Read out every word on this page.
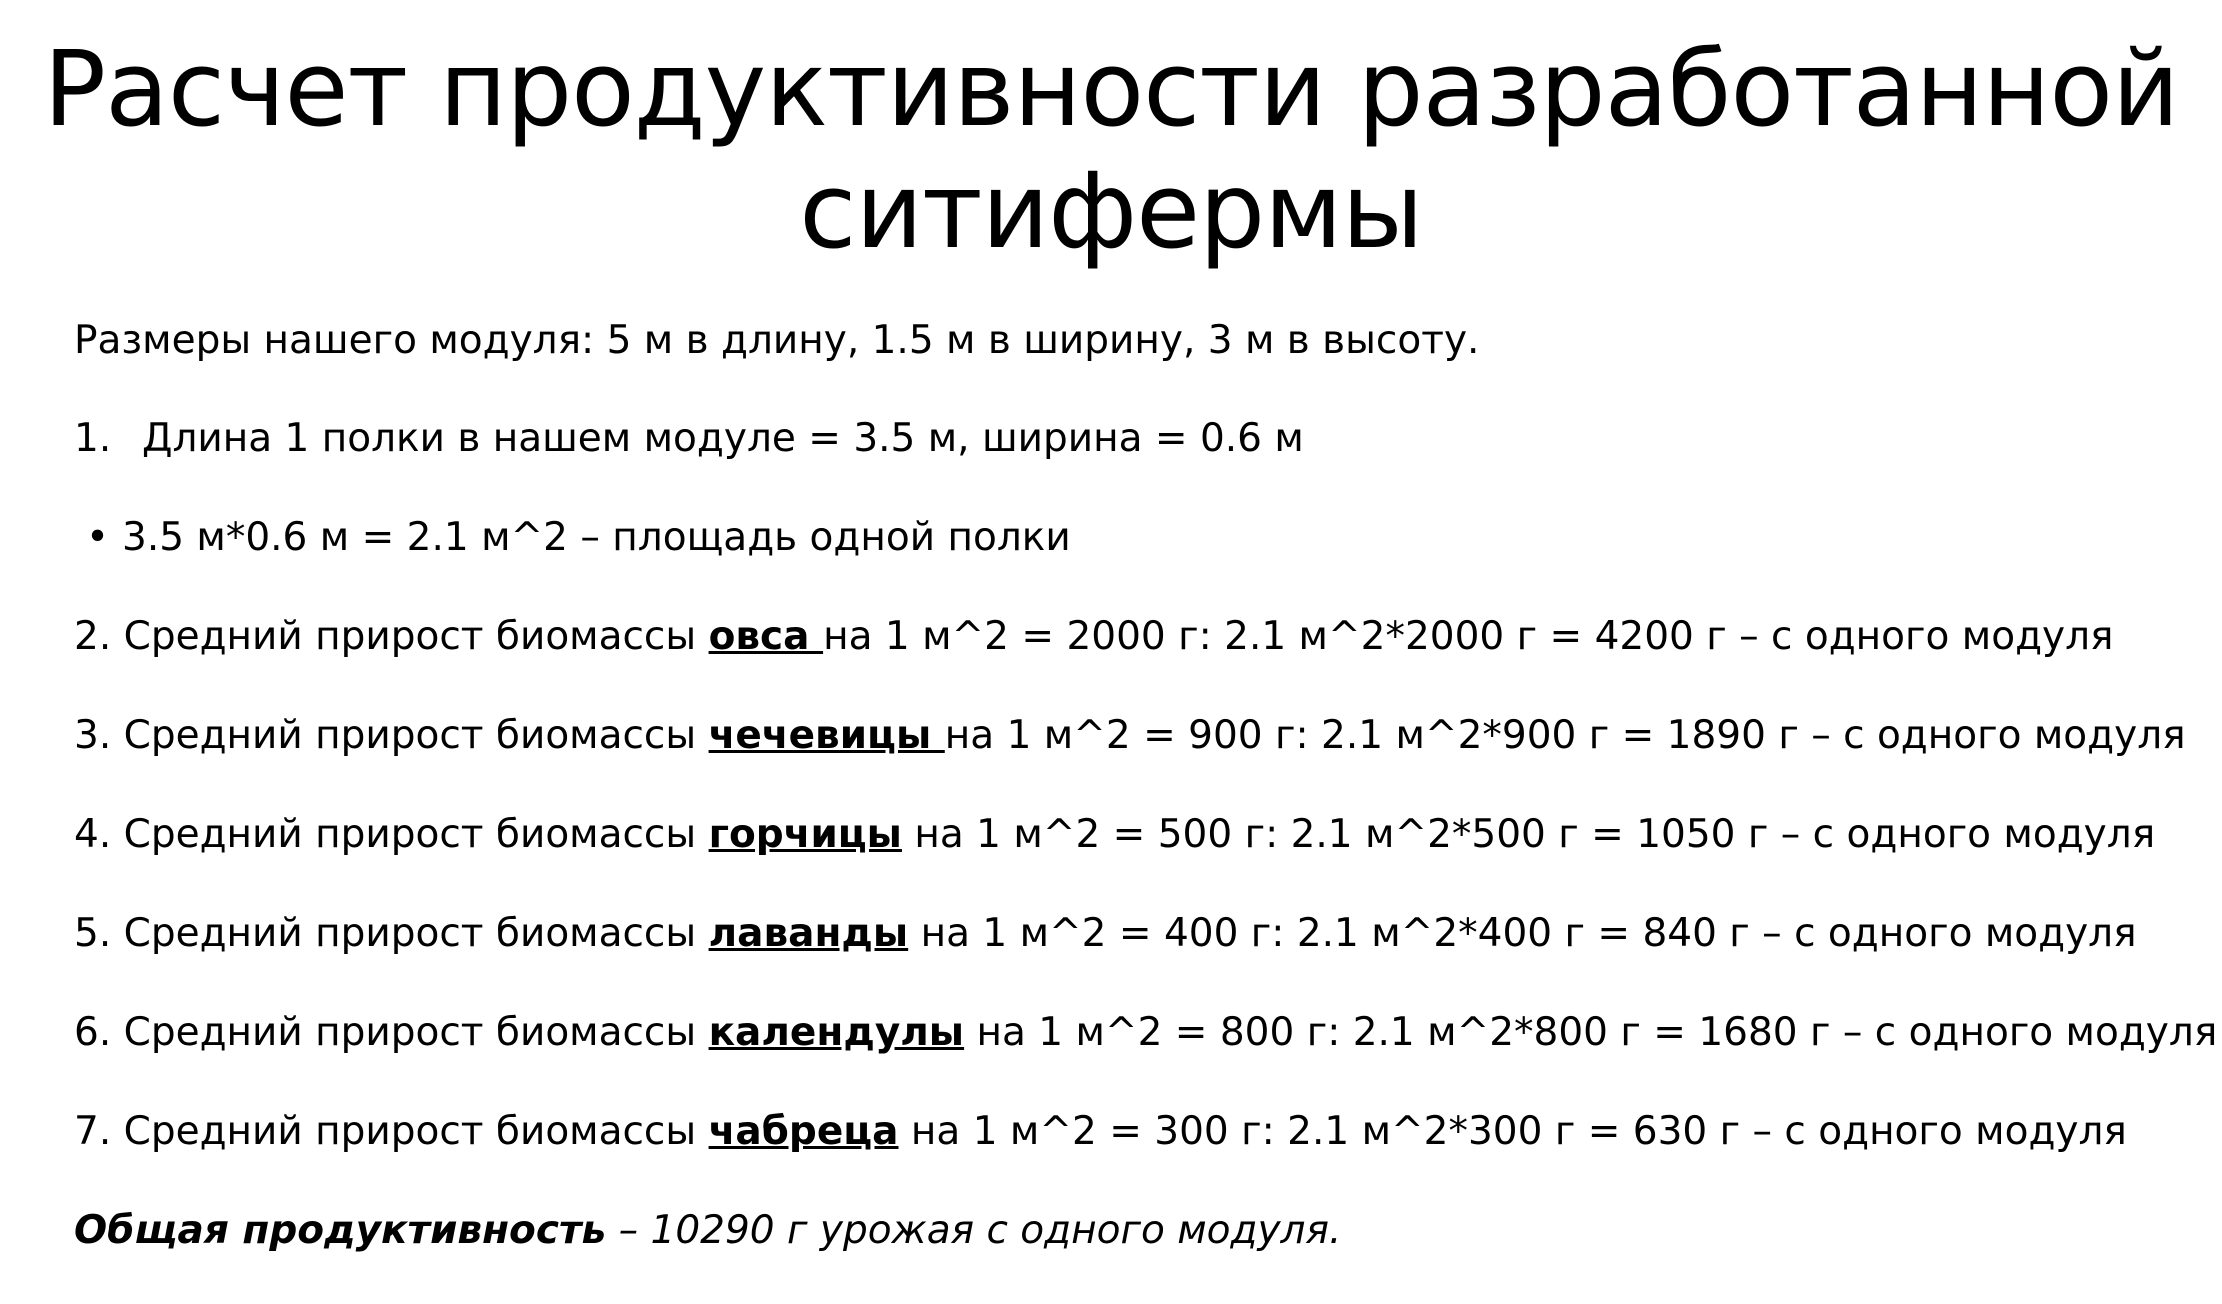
Расчет продуктивности разработанной
ситифермы
Размеры нашего модуля: 5 м в длину, 1.5 м в ширину, 3 м в высоту.
1. Длина 1 полки в нашем модуле = 3.5 м, ширина = 0.6 м
• 3.5 м*0.6 м = 2.1 м^2 – площадь одной полки
2. Средний прирост биомассы овса на 1 м^2 = 2000 г: 2.1 м^2*2000 г = 4200 г – с одного модуля
3. Средний прирост биомассы чечевицы на 1 м^2 = 900 г: 2.1 м^2*900 г = 1890 г – с одного модуля
4. Средний прирост биомассы горчицы на 1 м^2 = 500 г: 2.1 м^2*500 г = 1050 г – с одного модуля
5. Средний прирост биомассы лаванды на 1 м^2 = 400 г: 2.1 м^2*400 г = 840 г – с одного модуля
6. Средний прирост биомассы календулы на 1 м^2 = 800 г: 2.1 м^2*800 г = 1680 г – с одного модуля
7. Средний прирост биомассы чабреца на 1 м^2 = 300 г: 2.1 м^2*300 г = 630 г – с одного модуля
Общая продуктивность – 10290 г урожая с одного модуля.
